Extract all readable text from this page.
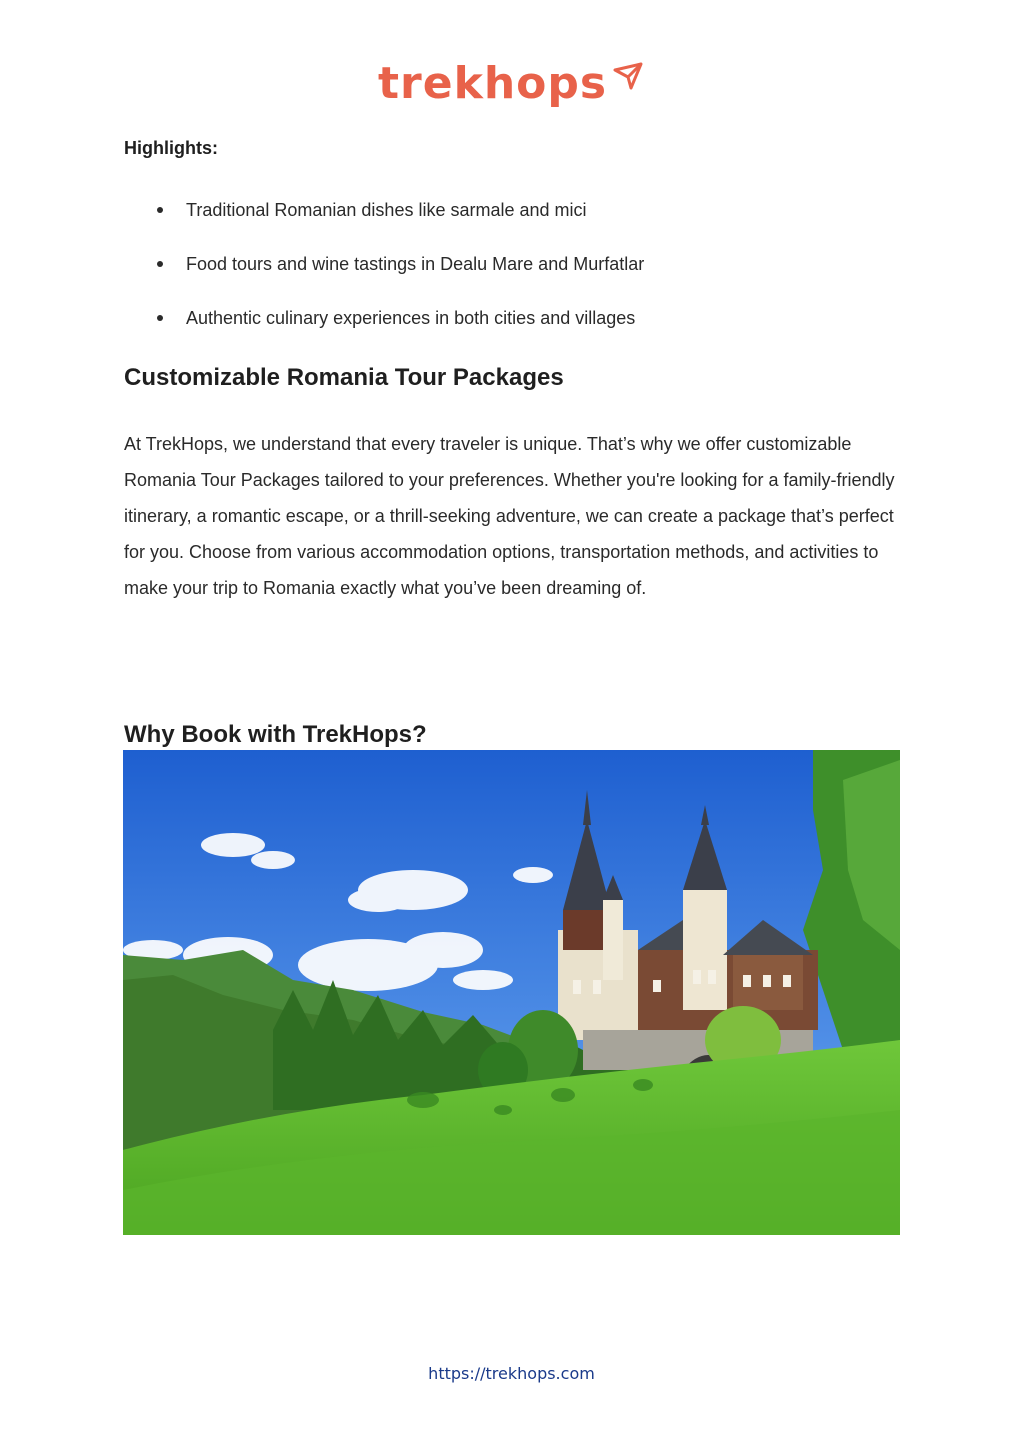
trekhops
Highlights:
Traditional Romanian dishes like sarmale and mici
Food tours and wine tastings in Dealu Mare and Murfatlar
Authentic culinary experiences in both cities and villages
Customizable Romania Tour Packages

At TrekHops, we understand that every traveler is unique. That’s why we offer customizable Romania Tour Packages tailored to your preferences. Whether you're looking for a family-friendly itinerary, a romantic escape, or a thrill-seeking adventure, we can create a package that’s perfect for you. Choose from various accommodation options, transportation methods, and activities to make your trip to Romania exactly what you’ve been dreaming of.

Why Book with TrekHops?
https://trekhops.com
